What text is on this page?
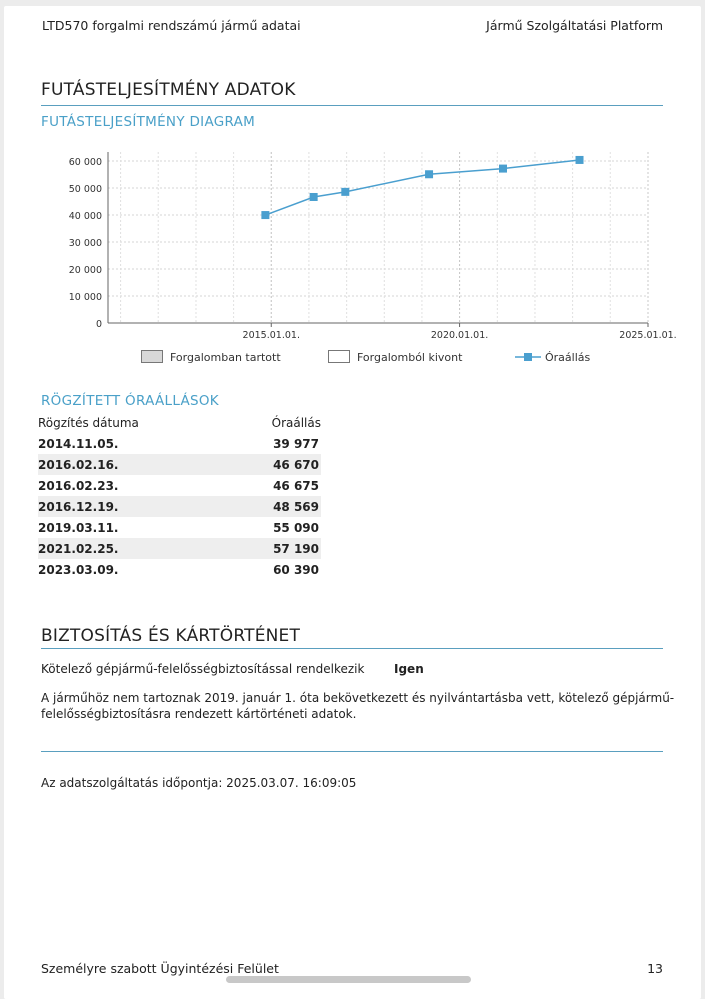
LTD570 forgalmi rendszámú jármű adatai	Jármű Szolgáltatási Platform
FUTÁSTELJESÍTMÉNY ADATOK
FUTÁSTELJESÍTMÉNY DIAGRAM
0
10 000
20 000
30 000
40 000
50 000
60 000
2015.01.01.	2020.01.01.	2025.01.01.
Forgalomban tartott	Forgalomból kivont	Óraállás
RÖGZÍTETT ÓRAÁLLÁSOK
Rögzítés dátuma	Óraállás
2014.11.05.	39 977
2016.02.16.	46 670
2016.02.23.	46 675
2016.12.19.	48 569
2019.03.11.	55 090
2021.02.25.	57 190
2023.03.09.	60 390
BIZTOSÍTÁS ÉS KÁRTÖRTÉNET
Kötelező gépjármű-felelősségbiztosítással rendelkezik Igen
A járműhöz nem tartoznak 2019. január 1. óta bekövetkezett és nyilvántartásba vett, kötelező gépjármű-
felelősségbiztosításra rendezett kártörténeti adatok.
Az adatszolgáltatás időpontja: 2025.03.07. 16:09:05
Személyre szabott Ügyintézési Felület	13
autovillage
